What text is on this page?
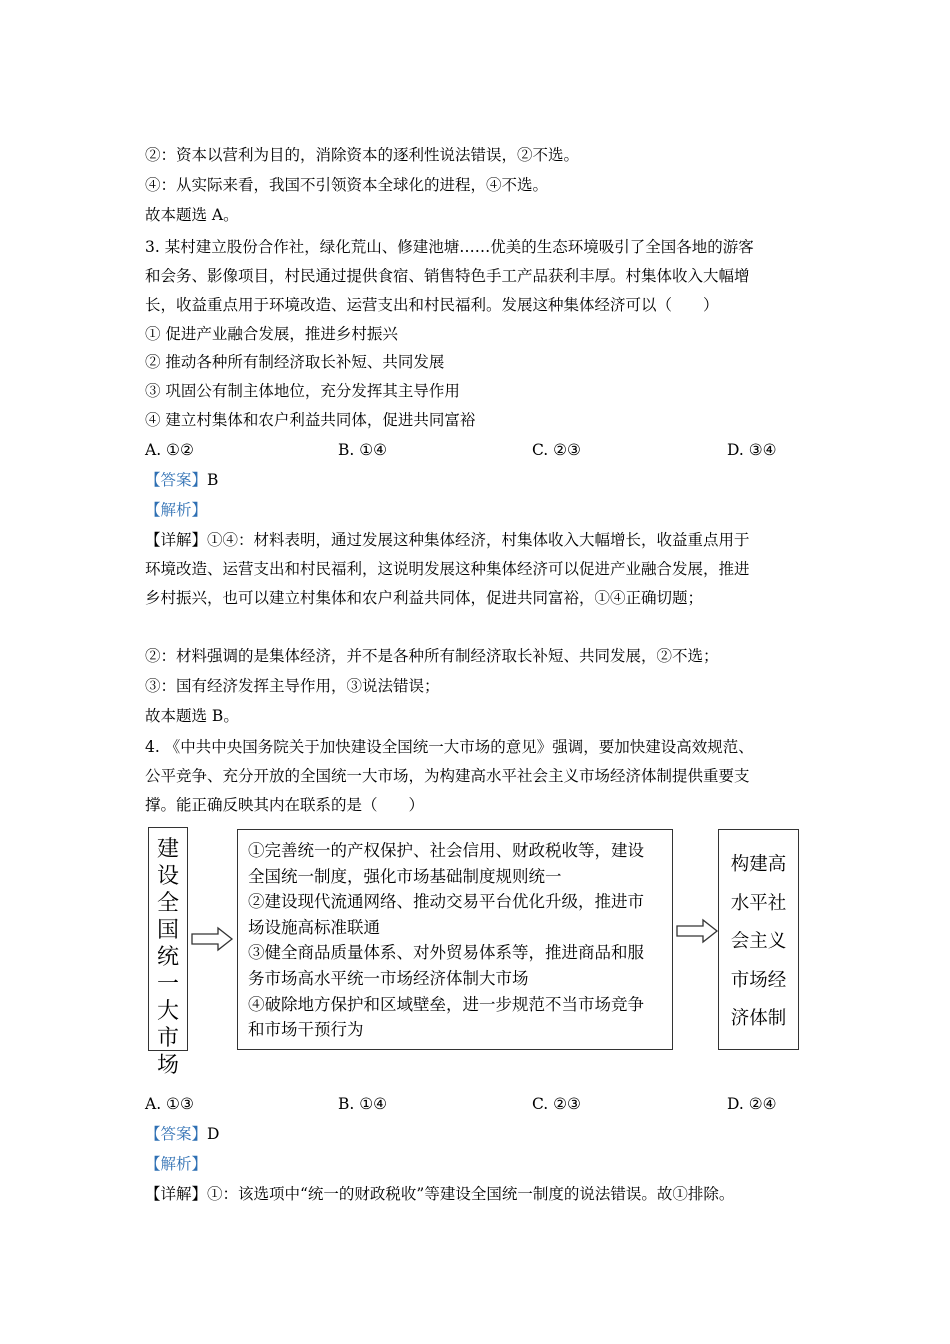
②：资本以营利为目的，消除资本的逐利性说法错误，②不选。
④：从实际来看，我国不引领资本全球化的进程，④不选。
故本题选 A。
3. 某村建立股份合作社，绿化荒山、修建池塘……优美的生态环境吸引了全国各地的游客
和会务、影像项目，村民通过提供食宿、销售特色手工产品获利丰厚。村集体收入大幅增
长，收益重点用于环境改造、运营支出和村民福利。发展这种集体经济可以（　　）
① 促进产业融合发展，推进乡村振兴
② 推动各种所有制经济取长补短、共同发展
③ 巩固公有制主体地位，充分发挥其主导作用
④ 建立村集体和农户利益共同体，促进共同富裕
A. ①②	B. ①④	C. ②③	D. ③④
【答案】B
【解析】
【详解】①④：材料表明，通过发展这种集体经济，村集体收入大幅增长，收益重点用于
环境改造、运营支出和村民福利，这说明发展这种集体经济可以促进产业融合发展，推进
乡村振兴，也可以建立村集体和农户利益共同体，促进共同富裕，①④正确切题；
②：材料强调的是集体经济，并不是各种所有制经济取长补短、共同发展，②不选；
③：国有经济发挥主导作用，③说法错误；
故本题选 B。
4. 《中共中央国务院关于加快建设全国统一大市场的意见》强调，要加快建设高效规范、
公平竞争、充分开放的全国统一大市场，为构建高水平社会主义市场经济体制提供重要支
撑。能正确反映其内在联系的是（　　）
建
设
全
国
统
一
大
市
场
①完善统一的产权保护、社会信用、财政税收等，建设
全国统一制度，强化市场基础制度规则统一
②建设现代流通网络、推动交易平台优化升级，推进市
场设施高标准联通
③健全商品质量体系、对外贸易体系等，推进商品和服
务市场高水平统一市场经济体制大市场
④破除地方保护和区域壁垒，进一步规范不当市场竞争
和市场干预行为
构建高
水平社
会主义
市场经
济体制
A. ①③	B. ①④	C. ②③	D. ②④
【答案】D
【解析】
【详解】①：该选项中“统一的财政税收”等建设全国统一制度的说法错误。故①排除。
